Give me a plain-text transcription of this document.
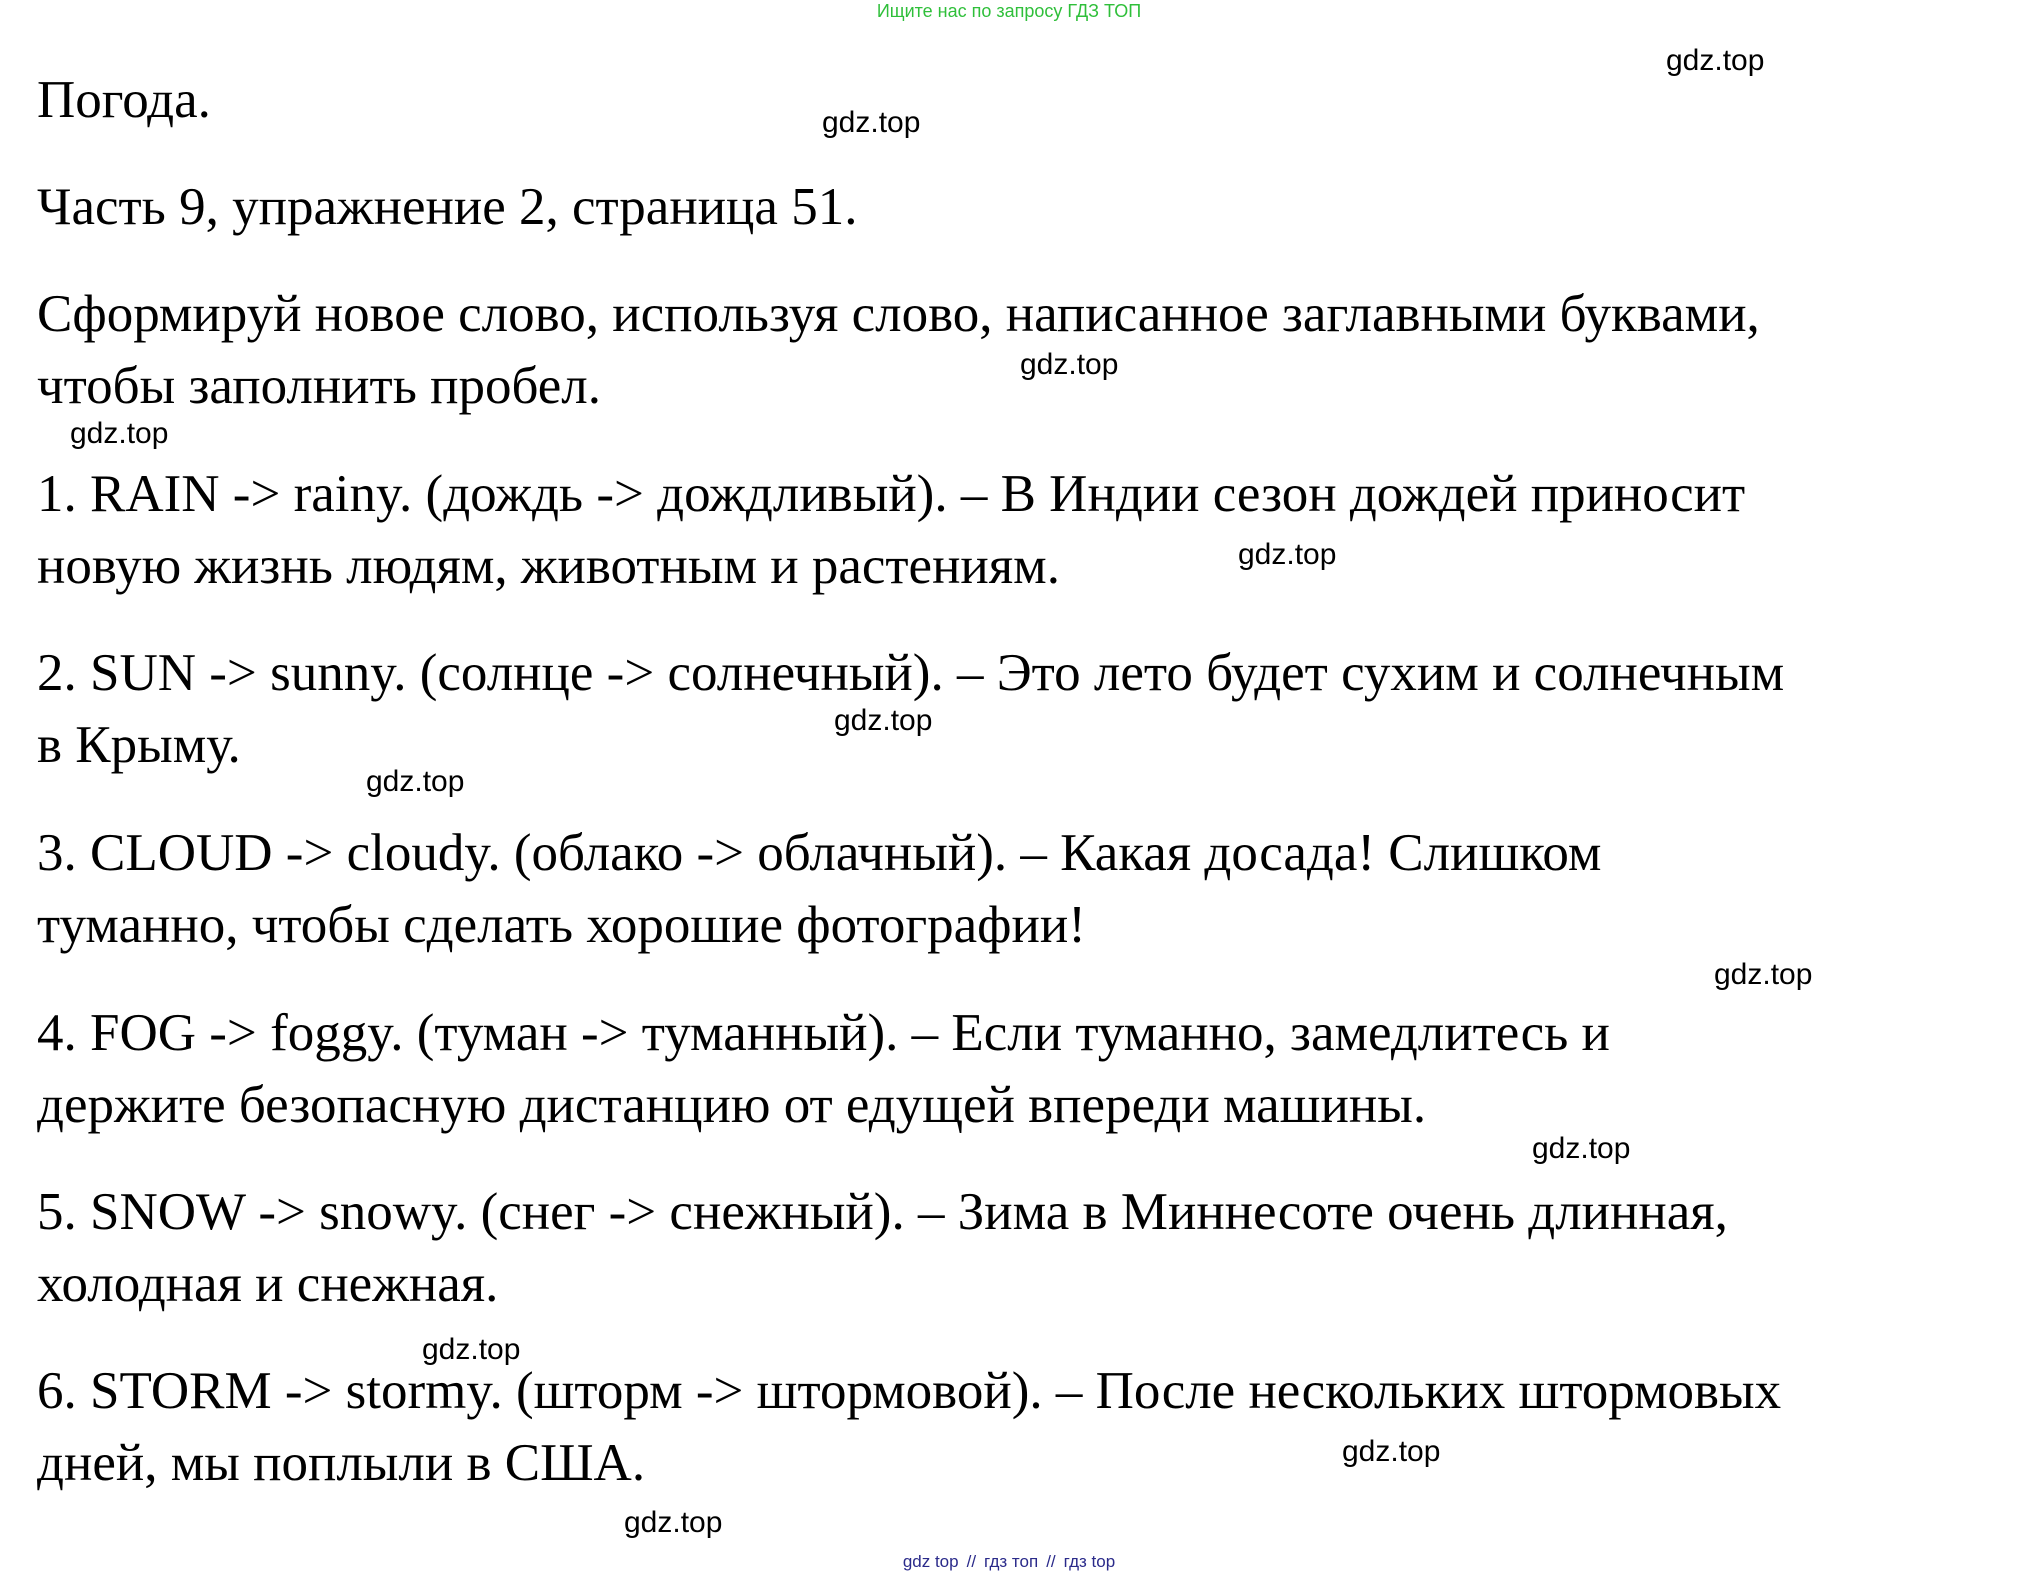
Ищите нас по запросу ГДЗ ТОП
Погода.
Часть 9, упражнение 2, страница 51.
Сформируй новое слово, используя слово, написанное заглавными буквами,
чтобы заполнить пробел.
1. RAIN -> rainy. (дождь -> дождливый). – В Индии сезон дождей приносит
новую жизнь людям, животным и растениям.
2. SUN -> sunny. (солнце -> солнечный). – Это лето будет сухим и солнечным
в Крыму.
3. CLOUD -> cloudy. (облако -> облачный). – Какая досада! Слишком
туманно, чтобы сделать хорошие фотографии!
4. FOG -> foggy. (туман -> туманный). – Если туманно, замедлитесь и
держите безопасную дистанцию от едущей впереди машины.
5. SNOW -> snowy. (снег -> снежный). – Зима в Миннесоте очень длинная,
холодная и снежная.
6. STORM -> stormy. (шторм -> штормовой). – После нескольких штормовых
дней, мы поплыли в США.
gdz.top
gdz.top
gdz.top
gdz.top
gdz.top
gdz.top
gdz.top
gdz.top
gdz.top
gdz.top
gdz.top
gdz.top
gdz top // гдз топ // гдз top
